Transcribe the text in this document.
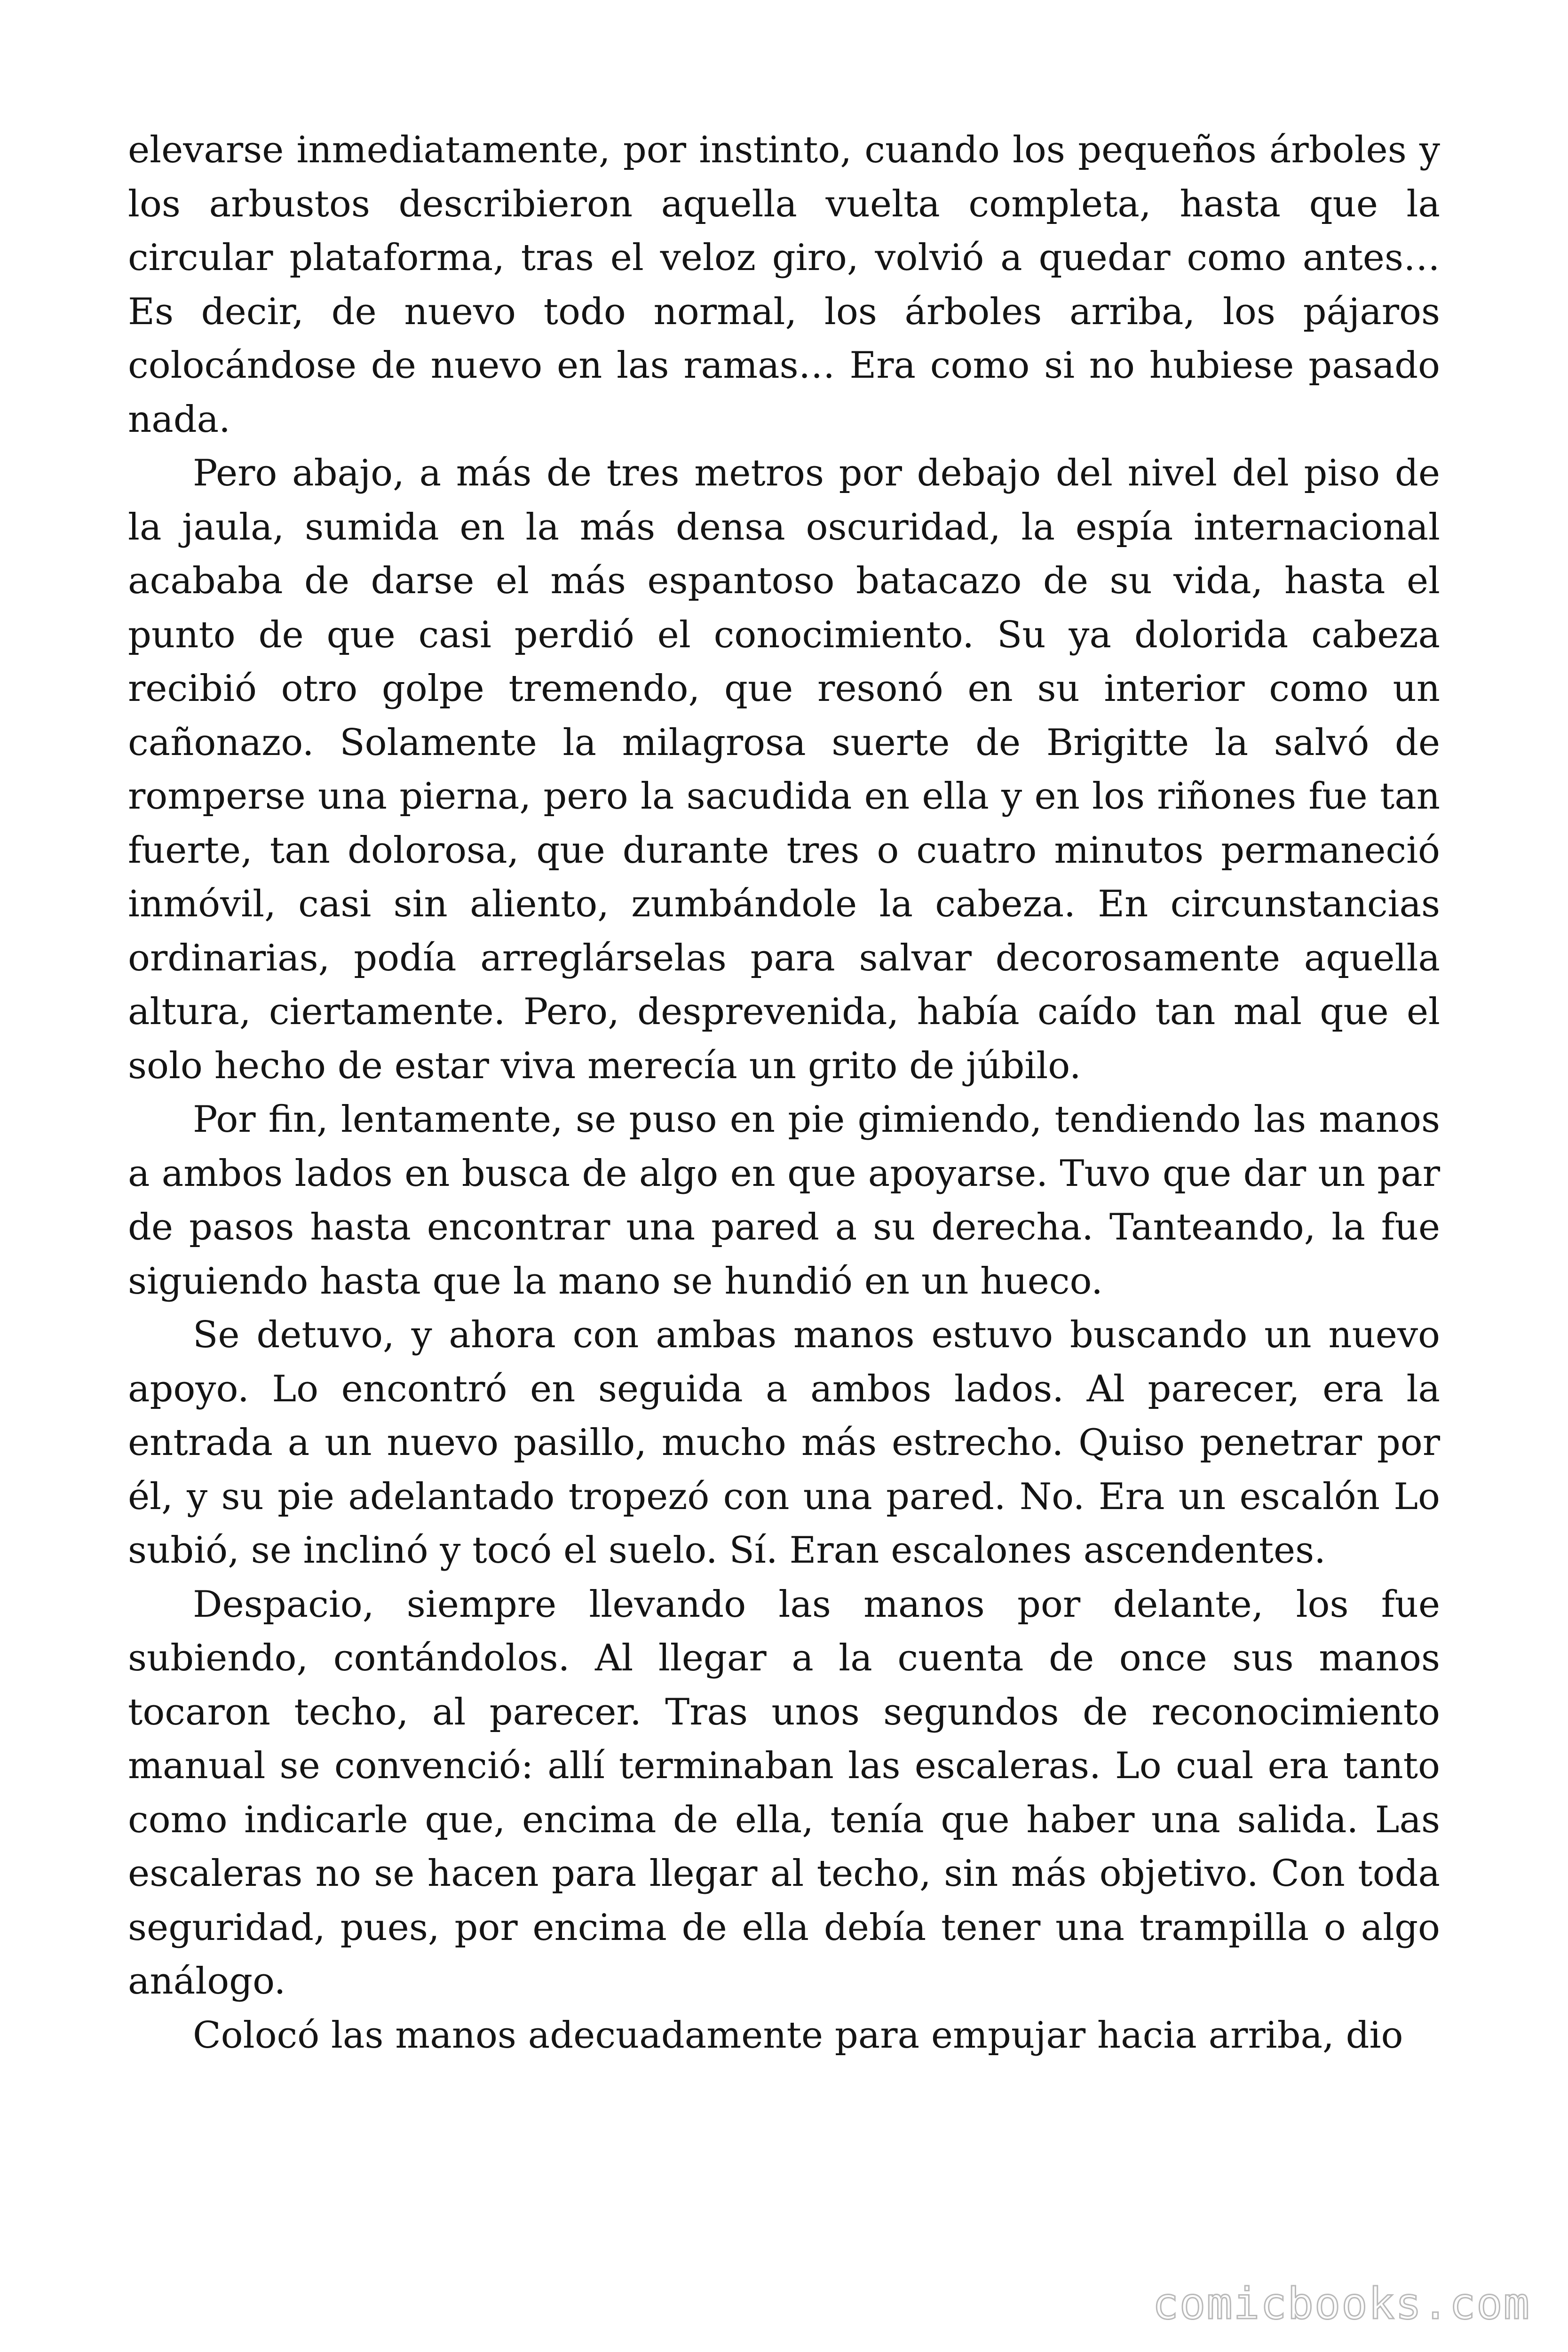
elevarse inmediatamente, por instinto, cuando los pequeños árboles y los arbustos describieron aquella vuelta completa, hasta que la circular plataforma, tras el veloz giro, volvió a quedar como antes… Es decir, de nuevo todo normal, los árboles arriba, los pájaros colocándose de nuevo en las ramas… Era como si no hubiese pasado nada.

Pero abajo, a más de tres metros por debajo del nivel del piso de la jaula, sumida en la más densa oscuridad, la espía internacional acababa de darse el más espantoso batacazo de su vida, hasta el punto de que casi perdió el conocimiento. Su ya dolorida cabeza recibió otro golpe tremendo, que resonó en su interior como un cañonazo. Solamente la milagrosa suerte de Brigitte la salvó de romperse una pierna, pero la sacudida en ella y en los riñones fue tan fuerte, tan dolorosa, que durante tres o cuatro minutos permaneció inmóvil, casi sin aliento, zumbándole la cabeza. En circunstancias ordinarias, podía arreglárselas para salvar decorosamente aquella altura, ciertamente. Pero, desprevenida, había caído tan mal que el solo hecho de estar viva merecía un grito de júbilo.

Por fin, lentamente, se puso en pie gimiendo, tendiendo las manos a ambos lados en busca de algo en que apoyarse. Tuvo que dar un par de pasos hasta encontrar una pared a su derecha. Tanteando, la fue siguiendo hasta que la mano se hundió en un hueco.

Se detuvo, y ahora con ambas manos estuvo buscando un nuevo apoyo. Lo encontró en seguida a ambos lados. Al parecer, era la entrada a un nuevo pasillo, mucho más estrecho. Quiso penetrar por él, y su pie adelantado tropezó con una pared. No. Era un escalón Lo subió, se inclinó y tocó el suelo. Sí. Eran escalones ascendentes.

Despacio, siempre llevando las manos por delante, los fue subiendo, contándolos. Al llegar a la cuenta de once sus manos tocaron techo, al parecer. Tras unos segundos de reconocimiento manual se convenció: allí terminaban las escaleras. Lo cual era tanto como indicarle que, encima de ella, tenía que haber una salida. Las escaleras no se hacen para llegar al techo, sin más objetivo. Con toda seguridad, pues, por encima de ella debía tener una trampilla o algo análogo.

Colocó las manos adecuadamente para empujar hacia arriba, dio

comicbooks.com
